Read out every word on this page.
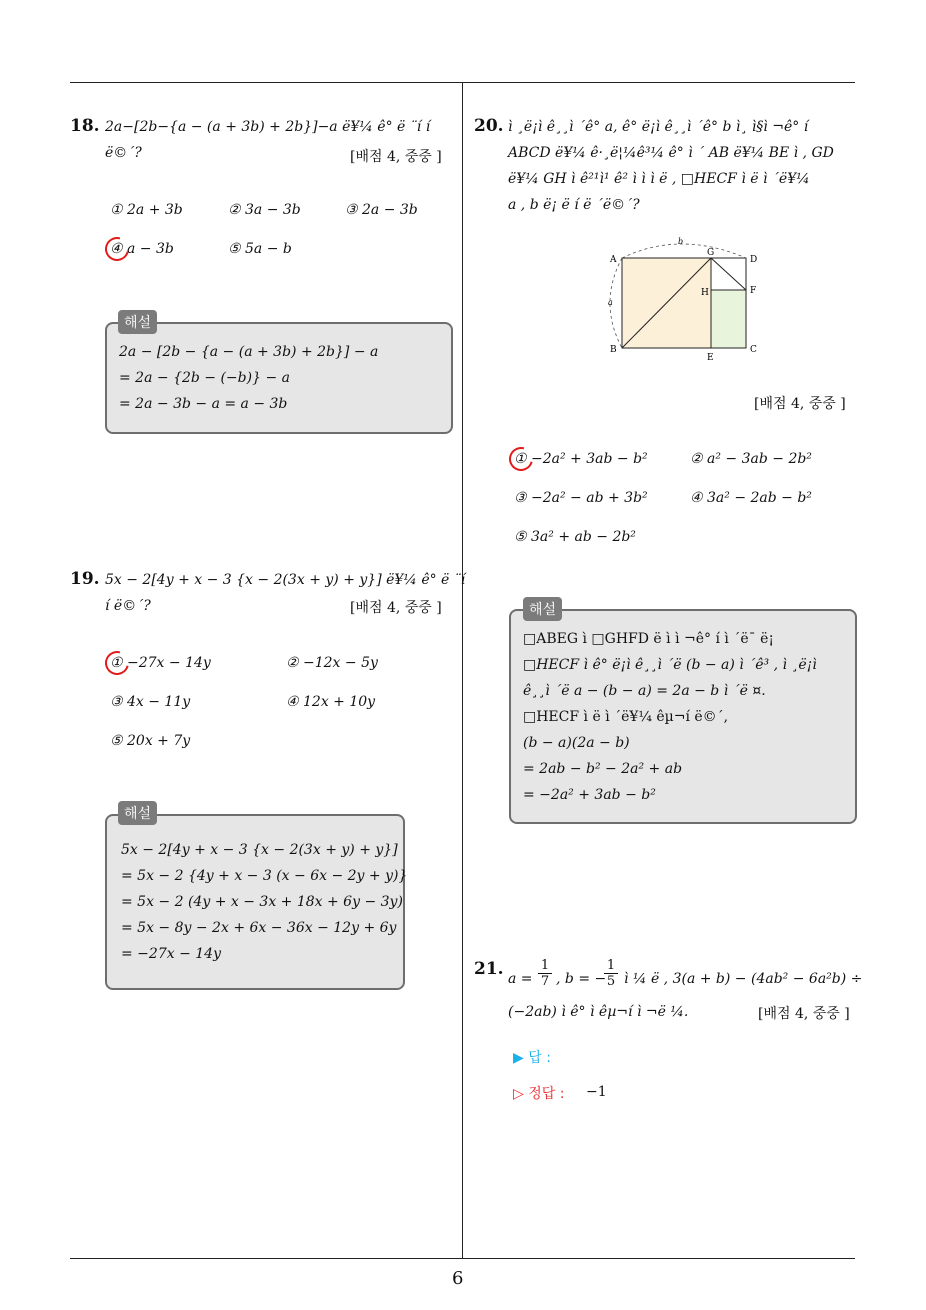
18. 2a−[2b−{a − (a + 3b) + 2b}]−a ë¥¼ ê° ë ¨í í ë©´?	[배점 4, 중중 ]
① 2a + 3b	② 3a − 3b	③ 2a − 3b
④ a − 3b	⑤ 5a − b
2a − [2b − {a − (a + 3b) + 2b}] − a
= 2a − {2b − (−b)} − a
= 2a − 3b − a = a − 3b
해설
19. 5x − 2[4y + x − 3 {x − 2(3x + y) + y}] ë¥¼ ê° ë ¨í
í ë©´?	[배점 4, 중중 ]
① −27x − 14y	② −12x − 5y
③ 4x − 11y	④ 12x + 10y
⑤ 20x + 7y
5x − 2[4y + x − 3 {x − 2(3x + y) + y}]
= 5x − 2 {4y + x − 3 (x − 6x − 2y + y)}
= 5x − 2 (4y + x − 3x + 18x + 6y − 3y)
= 5x − 8y − 2x + 6x − 36x − 12y + 6y
= −27x − 14y
해설
20. ì ¸ë¡ì ê¸¸ì ´ê° a, ê° ë¡ì ê¸¸ì ´ê° b ì¸ ì§ì ¬ê° í
ABCD ë¥¼ ê·¸ë¦¼ê³¼ ê° ì ´ AB ë¥¼ BE ì , GD
ë¥¼ GH ì ê²¹ì¹ ê² ì ì ì ë , □HECF ì ë ì ´ë¥¼
a , b ë¡ ë í ë ´ë©´?
A
B	C
D
E
F
G
H
a
b
[배점 4, 중중 ]
① −2a² + 3ab − b²	② a² − 3ab − 2b²
③ −2a² − ab + 3b²	④ 3a² − 2ab − b²
⑤ 3a² + ab − 2b²
□ABEG ì □GHFD ë ì ì ¬ê° í ì ´ë¯ ë¡
□HECF ì ê° ë¡ì ê¸¸ì ´ë (b − a) ì ´ê³ , ì ¸ë¡ì
ê¸¸ì ´ë a − (b − a) = 2a − b ì ´ë ¤.
□HECF ì ë ì ´ë¥¼ êµ¬í ë©´,
(b − a)(2a − b)
= 2ab − b² − 2a² + ab
= −2a² + 3ab − b²
해설
21. $a = \frac{1}{7}$ , b = −
$\frac{1}{5}$ ì ¼ ë , 3(a + b) − (4ab² − 6a²b) ÷
(−2ab) ì ê° ì êµ¬í ì ¬ë ¼.	[배점 4, 중중 ]
▶ 답 :
▷ 정답 : −1
6
